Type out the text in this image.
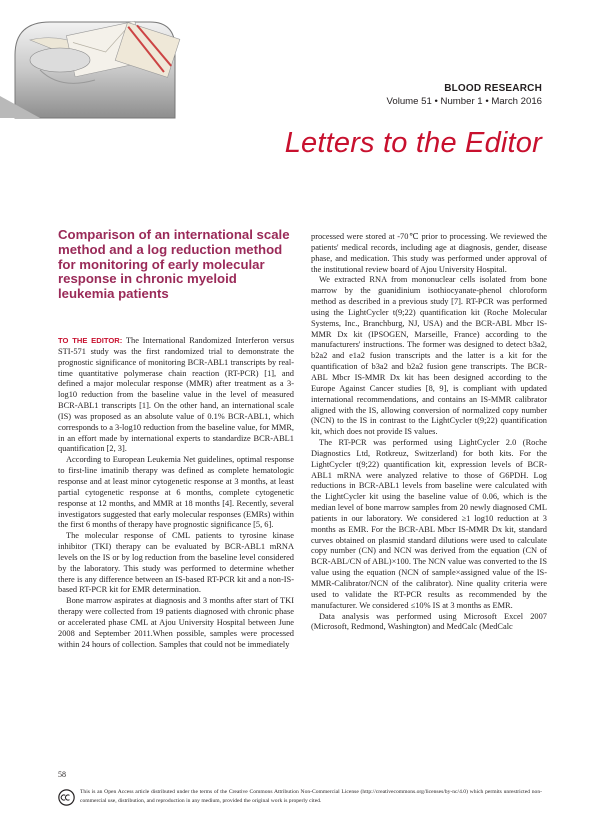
BLOOD RESEARCH
Volume 51 • Number 1 • March 2016
Letters to the Editor
Comparison of an international scale method and a log reduction method for monitoring of early molecular response in chronic myeloid leukemia patients

TO THE EDITOR: The International Randomized Interferon versus STI-571 study was the first randomized trial to demonstrate the prognostic significance of monitoring BCR-ABL1 transcripts by real-time quantitative polymerase chain reaction (RT-PCR) [1], and defined a major molecular response (MMR) after treatment as a 3-log10 reduction from the baseline value in the level of measured BCR-ABL1 transcripts [1]. On the other hand, an international scale (IS) was proposed as an absolute value of 0.1% BCR-ABL1, which corresponds to a 3-log10 reduction from the baseline value, for MMR, in an effort made by international experts to standardize BCR-ABL1 quantification [2, 3].

According to European Leukemia Net guidelines, optimal response to first-line imatinib therapy was defined as complete hematologic response and at least minor cytogenetic response at 3 months, at least partial cytogenetic response at 6 months, complete cytogenetic response at 12 months, and MMR at 18 months [4]. Recently, several investigators suggested that early molecular responses (EMRs) within the first 6 months of therapy have prognostic significance [5, 6].

The molecular response of CML patients to tyrosine kinase inhibitor (TKI) therapy can be evaluated by BCR-ABL1 mRNA levels on the IS or by log reduction from the baseline level considered by the laboratory. This study was performed to determine whether there is any difference between an IS-based RT-PCR kit and a non-IS-based RT-PCR kit for EMR determination.

Bone marrow aspirates at diagnosis and 3 months after start of TKI therapy were collected from 19 patients diagnosed with chronic phase or accelerated phase CML at Ajou University Hospital between June 2008 and September 2011.When possible, samples were processed within 24 hours of collection. Samples that could not be immediately

processed were stored at -70℃ prior to processing. We reviewed the patients' medical records, including age at diagnosis, gender, disease phase, and medication. This study was performed under approval of the institutional review board of Ajou University Hospital.

We extracted RNA from mononuclear cells isolated from bone marrow by the guanidinium isothiocyanate-phenol chloroform method as described in a previous study [7]. RT-PCR was performed using the LightCycler t(9;22) quantification kit (Roche Molecular Systems, Inc., Branchburg, NJ, USA) and the BCR-ABL Mbcr IS-MMR Dx kit (IPSOGEN, Marseille, France) according to the manufacturers' instructions. The former was designed to detect b3a2, b2a2 and e1a2 fusion transcripts and the latter is a kit for the quantification of b3a2 and b2a2 fusion gene transcripts. The BCR-ABL Mbcr IS-MMR Dx kit has been designed according to the Europe Against Cancer studies [8, 9], is compliant with updated international recommendations, and contains an IS-MMR calibrator aligned with the IS, allowing conversion of normalized copy number (NCN) to the IS in contrast to the LightCycler t(9;22) quantification kit, which does not provide IS values.

The RT-PCR was performed using LightCycler 2.0 (Roche Diagnostics Ltd, Rotkreuz, Switzerland) for both kits. For the LightCycler t(9;22) quantification kit, expression levels of BCR-ABL1 mRNA were analyzed relative to those of G6PDH. Log reductions in BCR-ABL1 levels from baseline were calculated with the LightCycler kit using the baseline value of 0.06, which is the median level of bone marrow samples from 20 newly diagnosed CML patients in our laboratory. We considered ≥1 log10 reduction at 3 months as EMR. For the BCR-ABL Mbcr IS-MMR Dx kit, standard curves obtained on plasmid standard dilutions were used to calculate copy number (CN) and NCN was derived from the equation (CN of BCR-ABL/CN of ABL)×100. The NCN value was converted to the IS value using the equation (NCN of sample×assigned value of the IS-MMR-Calibrator/NCN of the calibrator). Nine quality criteria were used to validate the RT-PCR results as recommended by the manufacturer. We considered ≤10% IS at 3 months as EMR.

Data analysis was performed using Microsoft Excel 2007 (Microsoft, Redmond, Washington) and MedCalc (MedCalc

58
This is an Open Access article distributed under the terms of the Creative Commons Attribution Non-Commercial License (http://creativecommons.org/licenses/by-nc/4.0) which permits unrestricted non-commercial use, distribution, and reproduction in any medium, provided the original work is properly cited.
